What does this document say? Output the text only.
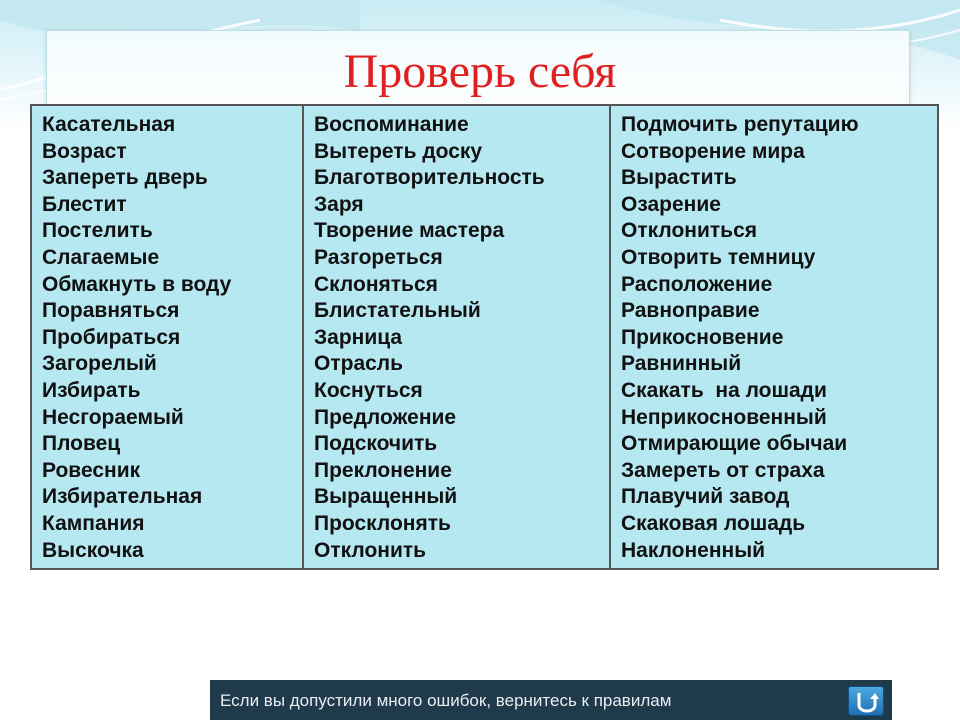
Проверь себя
Касательная
Возраст
Запереть дверь
Блестит
Постелить
Слагаемые
Обмакнуть в воду
Поравняться
Пробираться
Загорелый
Избирать
Несгораемый
Пловец
Ровесник
Избирательная
Кампания
Выскочка
Воспоминание
Вытереть доску
Благотворительность
Заря
Творение мастера
Разгореться
Склоняться
Блистательный
Зарница
Отрасль
Коснуться
Предложение
Подскочить
Преклонение
Выращенный
Просклонять
Отклонить
Подмочить репутацию
Сотворение мира
Вырастить
Озарение
Отклониться
Отворить темницу
Расположение
Равноправие
Прикосновение
Равнинный
Скакать  на лошади
Неприкосновенный
Отмирающие обычаи
Замереть от страха
Плавучий завод
Скаковая лошадь
Наклоненный
Если вы допустили много ошибок, вернитесь к правилам
